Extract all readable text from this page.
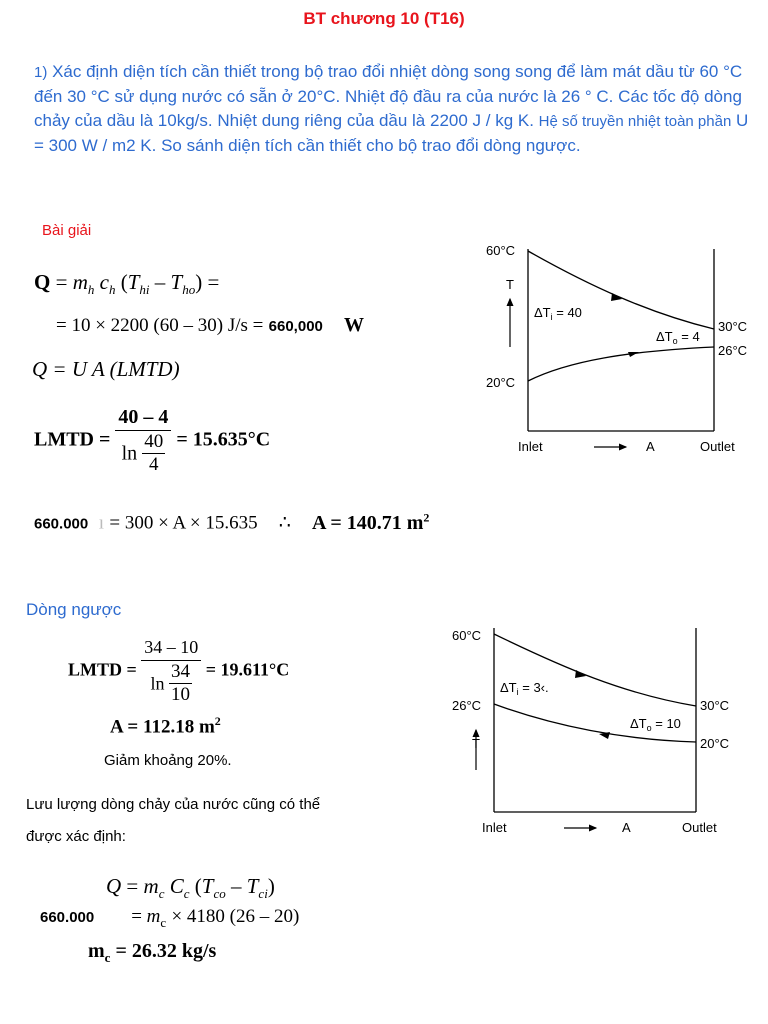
BT chương 10 (T16)
1) Xác định diện tích cần thiết trong bộ trao đổi nhiệt dòng song song để làm mát dầu từ 60 °C đến 30 °C sử dụng nước có sẵn ở 20°C. Nhiệt độ đầu ra của nước là 26 ° C. Các tốc độ dòng chảy của dầu là 10kg/s. Nhiệt dung riêng của dầu là 2200 J / kg K. Hệ số truyền nhiệt toàn phần U = 300 W / m2 K. So sánh diện tích cần thiết cho bộ trao đổi dòng ngược.
Bài giải
$Q = m_h$ $c_h$ $(T_{hi} - T_{ho})$ =
= 10 × 2200 (60 – 30) J/s = 660,000 W
Q = U A (LMTD)
LMTD = $\frac{40 - 4}{\ln \frac{40}{4}} = 15.635^\circ C$
660.000 ı = 300 × A × 15.635 ∴ A = 140.71 $m^2$
Dòng ngược
LMTD = $\frac{34 - 10}{\ln \frac{34}{10}} = 19.611^\circ C$
A = 112.18 $m^2$
Giảm khoảng 20%.
Lưu lượng dòng chảy của nước cũng có thể
được xác định:
$Q = m_c$ $C_c$ $(T_{co} - T_{ci})$
$660.000 = m_c \times 4180$ (26 – 20)
$m_c = 26.32$ kg/s
60°C
20°C
T
30°C
26°C
$\Delta T_i = 40$
$\Delta T_o = 4$
Inlet	A	Outlet
60°C
26°C
T
30°C
20°C
$\Delta T_i$ = 3‹.
$\Delta T_o = 10$
Inlet	A	Outlet
